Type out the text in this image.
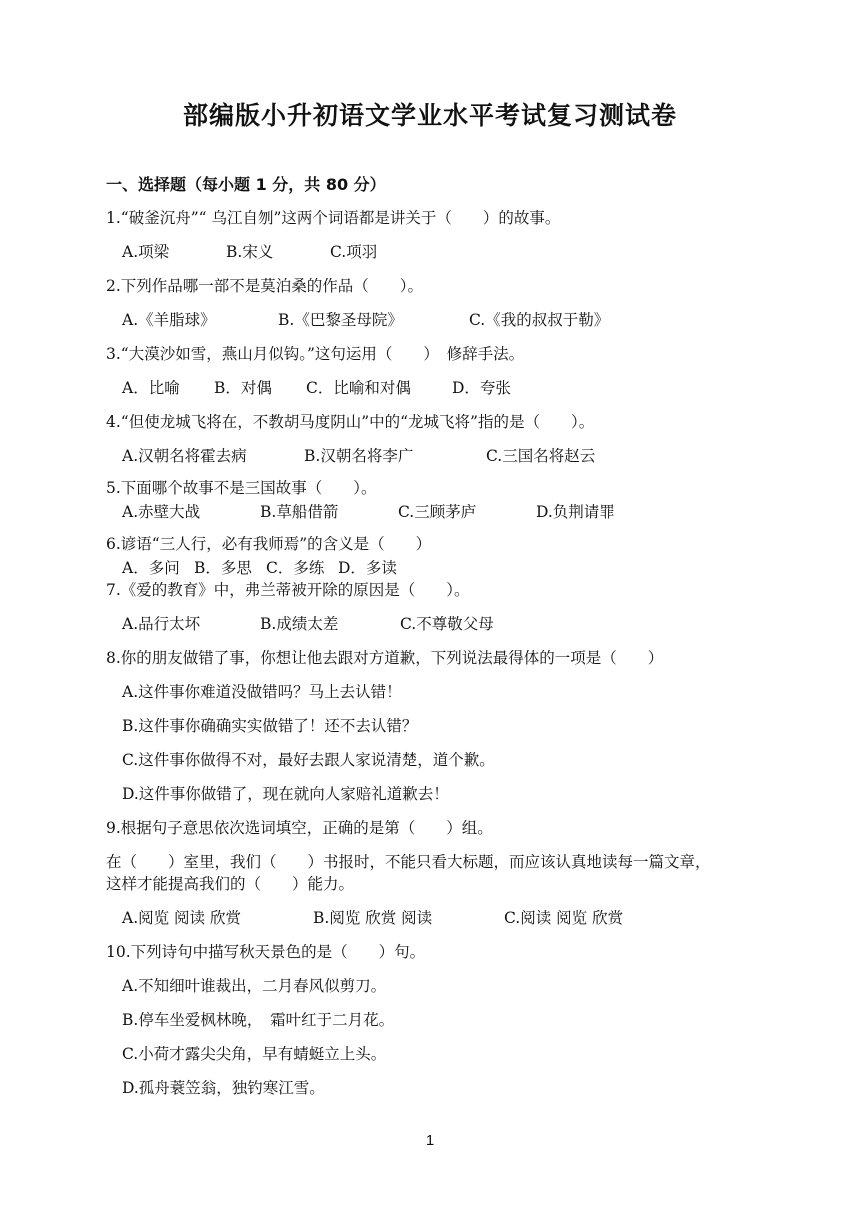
部编版小升初语文学业水平考试复习测试卷
一、选择题（每小题 1 分，共 80 分）
1.“破釜沉舟”“ 乌江自刎”这两个词语都是讲关于（　　）的故事。
A.项梁	B.宋义	C.项羽
2.下列作品哪一部不是莫泊桑的作品（　　）。
A.《羊脂球》	B.《巴黎圣母院》	C.《我的叔叔于勒》
3.“大漠沙如雪，燕山月似钩。”这句运用（　　）　修辞手法。
A．比喻 B．对偶 C．比喻和对偶	D．夸张
4.“但使龙城飞将在，不教胡马度阴山”中的“龙城飞将”指的是（　　）。
A.汉朝名将霍去病	B.汉朝名将李广	C.三国名将赵云
5.下面哪个故事不是三国故事（　　）。
A.赤壁大战	B.草船借箭	C.三顾茅庐	D.负荆请罪
6.谚语“三人行，必有我师焉”的含义是（　　）
A．多问 B．多思 C．多练 D．多读
7.《爱的教育》中，弗兰蒂被开除的原因是（　　）。
A.品行太坏	B.成绩太差	C.不尊敬父母
8.你的朋友做错了事，你想让他去跟对方道歉，下列说法最得体的一项是（　　）
A.这件事你难道没做错吗？马上去认错！
B.这件事你确确实实做错了！还不去认错？
C.这件事你做得不对，最好去跟人家说清楚，道个歉。
D.这件事你做错了，现在就向人家赔礼道歉去！
9.根据句子意思依次选词填空，正确的是第（　　）组。
在（　　）室里，我们（　　）书报时，不能只看大标题，而应该认真地读每一篇文章，
这样才能提高我们的（　　）能力。
A.阅览 阅读 欣赏	B.阅览 欣赏 阅读	C.阅读 阅览 欣赏
10.下列诗句中描写秋天景色的是（　　）句。
A.不知细叶谁裁出，二月春风似剪刀。
B.停车坐爱枫林晚，　霜叶红于二月花。
C.小荷才露尖尖角，早有蜻蜓立上头。
D.孤舟蓑笠翁，独钓寒江雪。
1
